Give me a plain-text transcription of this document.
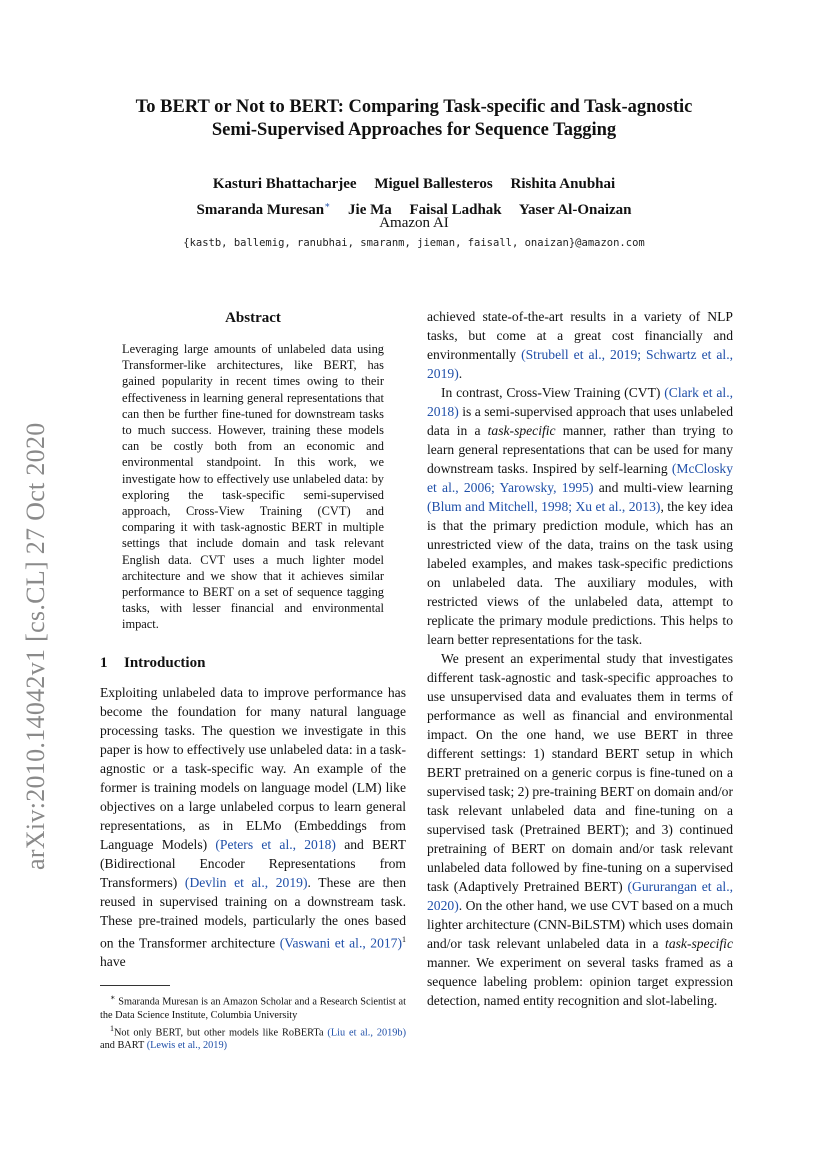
arXiv:2010.14042v1 [cs.CL] 27 Oct 2020
To BERT or Not to BERT: Comparing Task-specific and Task-agnostic
Semi-Supervised Approaches for Sequence Tagging
Kasturi Bhattacharjee Miguel Ballesteros Rishita Anubhai
Smaranda Muresan∗ Jie Ma Faisal Ladhak Yaser Al-Onaizan
Amazon AI
{kastb, ballemig, ranubhai, smaranm, jieman, faisall, onaizan}@amazon.com
Abstract
Leveraging large amounts of unlabeled data using Transformer-like architectures, like BERT, has gained popularity in recent times owing to their effectiveness in learning general representations that can then be further fine-tuned for downstream tasks to much success. However, training these models can be costly both from an economic and environmental standpoint. In this work, we investigate how to effectively use unlabeled data: by exploring the task-specific semi-supervised approach, Cross-View Training (CVT) and comparing it with task-agnostic BERT in multiple settings that include domain and task relevant English data. CVT uses a much lighter model architecture and we show that it achieves similar performance to BERT on a set of sequence tagging tasks, with lesser financial and environmental impact.
1 Introduction

Exploiting unlabeled data to improve performance has become the foundation for many natural language processing tasks. The question we investigate in this paper is how to effectively use unlabeled data: in a task-agnostic or a task-specific way. An example of the former is training models on language model (LM) like objectives on a large unlabeled corpus to learn general representations, as in ELMo (Embeddings from Language Models) (Peters et al., 2018) and BERT (Bidirectional Encoder Representations from Transformers) (Devlin et al., 2019). These are then reused in supervised training on a downstream task. These pre-trained models, particularly the ones based on the Transformer architecture (Vaswani et al., 2017)$^1$ have

∗ Smaranda Muresan is an Amazon Scholar and a Research Scientist at the Data Science Institute, Columbia University

$^1$Not only BERT, but other models like RoBERTa (Liu et al., 2019b) and BART (Lewis et al., 2019)

achieved state-of-the-art results in a variety of NLP tasks, but come at a great cost financially and environmentally (Strubell et al., 2019; Schwartz et al., 2019).

In contrast, Cross-View Training (CVT) (Clark et al., 2018) is a semi-supervised approach that uses unlabeled data in a task-specific manner, rather than trying to learn general representations that can be used for many downstream tasks. Inspired by self-learning (McClosky et al., 2006; Yarowsky, 1995) and multi-view learning (Blum and Mitchell, 1998; Xu et al., 2013), the key idea is that the primary prediction module, which has an unrestricted view of the data, trains on the task using labeled examples, and makes task-specific predictions on unlabeled data. The auxiliary modules, with restricted views of the unlabeled data, attempt to replicate the primary module predictions. This helps to learn better representations for the task.

We present an experimental study that investigates different task-agnostic and task-specific approaches to use unsupervised data and evaluates them in terms of performance as well as financial and environmental impact. On the one hand, we use BERT in three different settings: 1) standard BERT setup in which BERT pretrained on a generic corpus is fine-tuned on a supervised task; 2) pre-training BERT on domain and/or task relevant unlabeled data and fine-tuning on a supervised task (Pretrained BERT); and 3) continued pretraining of BERT on domain and/or task relevant unlabeled data followed by fine-tuning on a supervised task (Adaptively Pretrained BERT) (Gururangan et al., 2020). On the other hand, we use CVT based on a much lighter architecture (CNN-BiLSTM) which uses domain and/or task relevant unlabeled data in a task-specific manner. We experiment on several tasks framed as a sequence labeling problem: opinion target expression detection, named entity recognition and slot-labeling.
